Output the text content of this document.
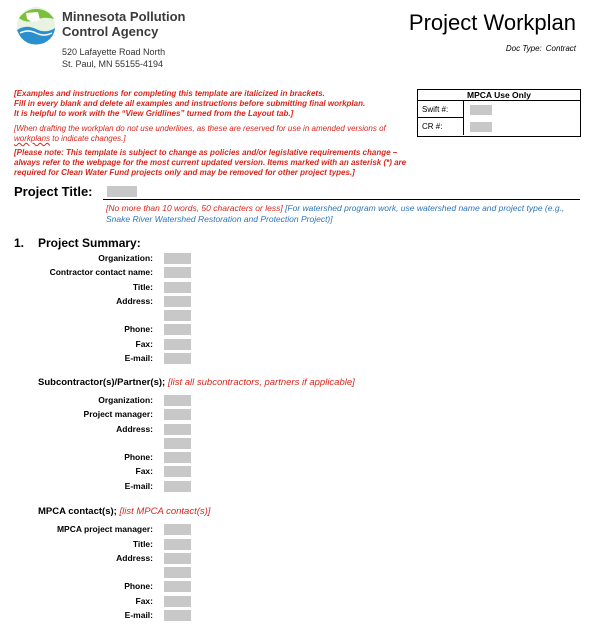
Minnesota Pollution
Control Agency
520 Lafayette Road North
St. Paul, MN 55155-4194
Project Workplan
Doc Type: Contract
MPCA Use Only
Swift #:
CR #:
[Examples and instructions for completing this template are italicized in brackets.
Fill in every blank and delete all examples and instructions before submitting final workplan.
It is helpful to work with the “View Gridlines” turned from the Layout tab.]
[When drafting the workplan do not use underlines, as these are reserved for use in amended versions of workplans to indicate changes.]
[Please note: This template is subject to change as policies and/or legislative requirements change – always refer to the webpage for the most current updated version. Items marked with an asterisk (*) are required for Clean Water Fund projects only and may be removed for other project types.]
Project Title:
[No more than 10 words, 50 characters or less] [For watershed program work, use watershed name and project type (e.g., Snake River Watershed Restoration and Protection Project)]
1. Project Summary:
Organization:
Contractor contact name:
Title:
Address:
Phone:
Fax:
E-mail:
Subcontractor(s)/Partner(s); [list all subcontractors, partners if applicable]
Organization:
Project manager:
Address:
Phone:
Fax:
E-mail:
MPCA contact(s); [list MPCA contact(s)]
MPCA project manager:
Title:
Address:
Phone:
Fax:
E-mail:
